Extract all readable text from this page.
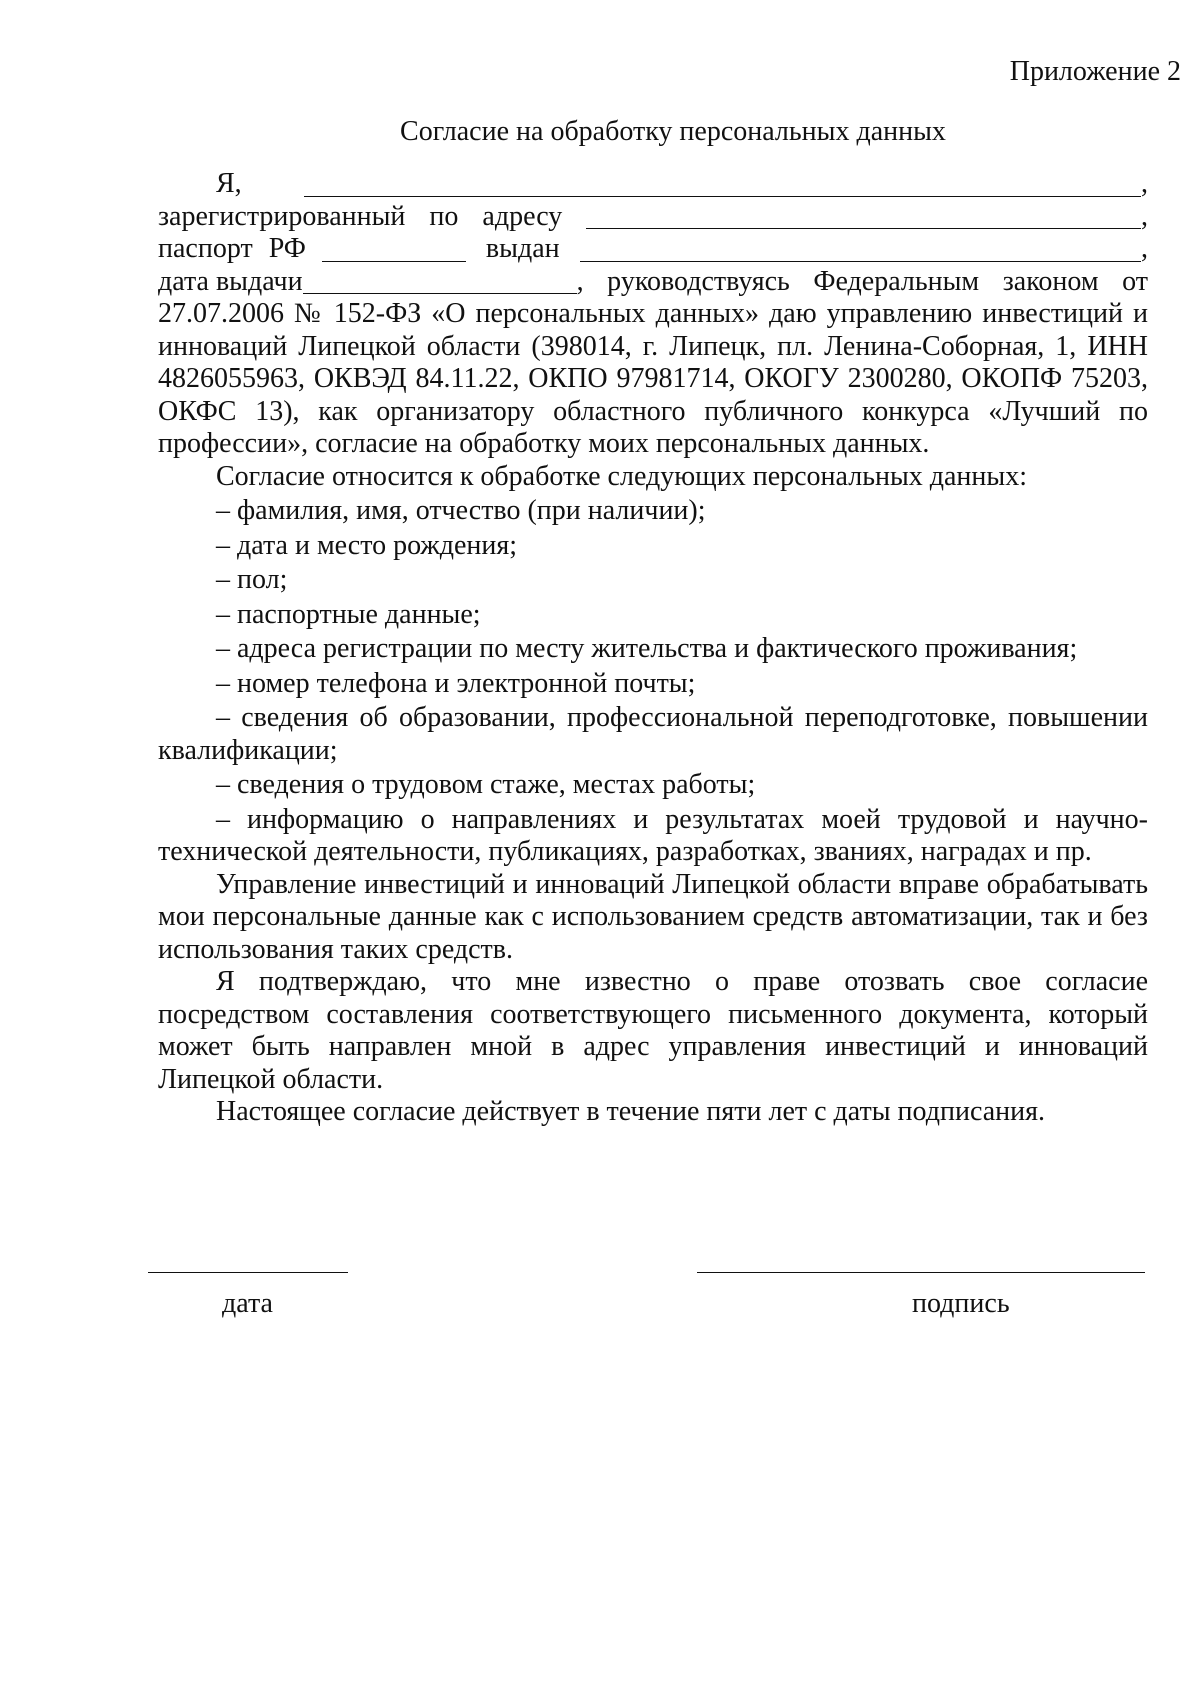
Приложение 2
Согласие на обработку персональных данных
Я,	,
зарегистрированный по адресу	,
паспорт РФ	выдан	,
дата выдачи	, руководствуясь Федеральным законом от

27.07.2006 № 152-ФЗ «О персональных данных» даю управлению инвестиций и инноваций Липецкой области (398014, г. Липецк, пл. Ленина-Соборная, 1, ИНН 4826055963, ОКВЭД 84.11.22, ОКПО 97981714, ОКОГУ 2300280, ОКОПФ 75203, ОКФС 13), как организатору областного публичного конкурса «Лучший по профессии», согласие на обработку моих персональных данных.

Согласие относится к обработке следующих персональных данных:

– фамилия, имя, отчество (при наличии);

– дата и место рождения;

– пол;

– паспортные данные;

– адреса регистрации по месту жительства и фактического проживания;

– номер телефона и электронной почты;

– сведения об образовании, профессиональной переподготовке, повышении квалификации;

– сведения о трудовом стаже, местах работы;

– информацию о направлениях и результатах моей трудовой и научно-технической деятельности, публикациях, разработках, званиях, наградах и пр.

Управление инвестиций и инноваций Липецкой области вправе обрабатывать мои персональные данные как с использованием средств автоматизации, так и без использования таких средств.

Я подтверждаю, что мне известно о праве отозвать свое согласие посредством составления соответствующего письменного документа, который может быть направлен мной в адрес управления инвестиций и инноваций Липецкой области.

Настоящее согласие действует в течение пяти лет с даты подписания.

дата	подпись
